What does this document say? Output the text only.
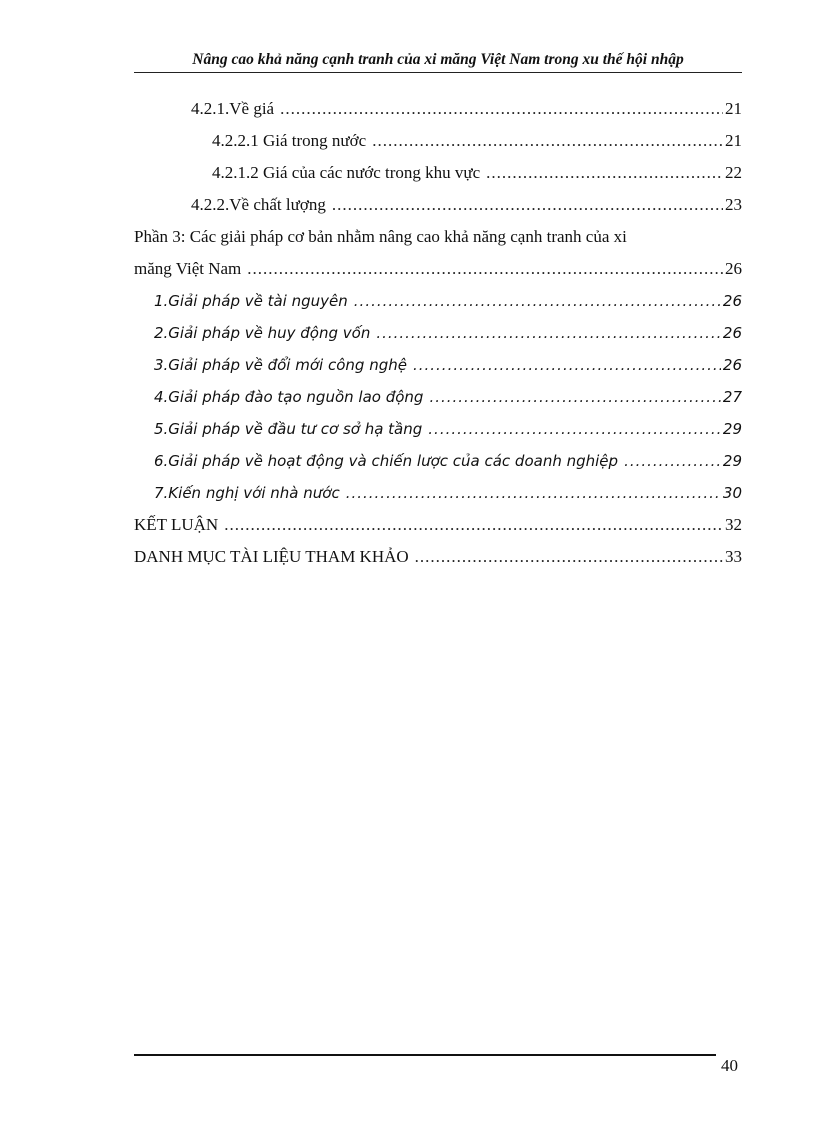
Nâng cao khả năng cạnh tranh của xi măng Việt Nam trong xu thế hội nhập
4.2.1.Về giá .....	21
4.2.2.1 Giá trong nước .....	21
4.2.1.2 Giá của các nước trong khu vực .....	22
4.2.2.Về chất lượng .....	23
Phần 3: Các giải pháp cơ bản nhằm nâng cao khả năng cạnh tranh của xi
măng Việt Nam .....	26
1.Giải pháp về tài nguyên .....	26
2.Giải pháp về huy động vốn .....	26
3.Giải pháp về đổi mới công nghệ .....	26
4.Giải pháp đào tạo nguồn lao động .....	27
5.Giải pháp về đầu tư cơ sở hạ tầng .....	29
6.Giải pháp về hoạt động và chiến lược của các doanh nghiệp .....	29
7.Kiến nghị với nhà nước .....	30
KẾT LUẬN .....	32
DANH MỤC TÀI LIỆU THAM KHẢO .....	33
40
